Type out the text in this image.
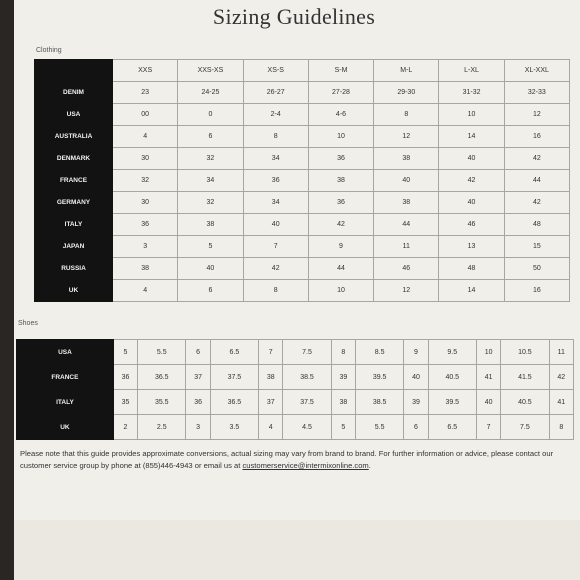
Sizing Guidelines
Clothing
	XXS	XXS-XS	XS-S	S-M	M-L	L-XL	XL-XXL
DENIM	23	24-25	26-27	27-28	29-30	31-32	32-33
USA	00	0	2-4	4-6	8	10	12
AUSTRALIA	4	6	8	10	12	14	16
DENMARK	30	32	34	36	38	40	42
FRANCE	32	34	36	38	40	42	44
GERMANY	30	32	34	36	38	40	42
ITALY	36	38	40	42	44	46	48
JAPAN	3	5	7	9	11	13	15
RUSSIA	38	40	42	44	46	48	50
UK	4	6	8	10	12	14	16
Shoes
USA	5	5.5	6	6.5	7	7.5	8	8.5	9	9.5	10	10.5	11
FRANCE	36	36.5	37	37.5	38	38.5	39	39.5	40	40.5	41	41.5	42
ITALY	35	35.5	36	36.5	37	37.5	38	38.5	39	39.5	40	40.5	41
UK	2	2.5	3	3.5	4	4.5	5	5.5	6	6.5	7	7.5	8
Please note that this guide provides approximate conversions, actual sizing may vary from brand to brand. For further information or advice, please contact our customer service group by phone at (855)446-4943 or email us at customerservice@intermixonline.com.
